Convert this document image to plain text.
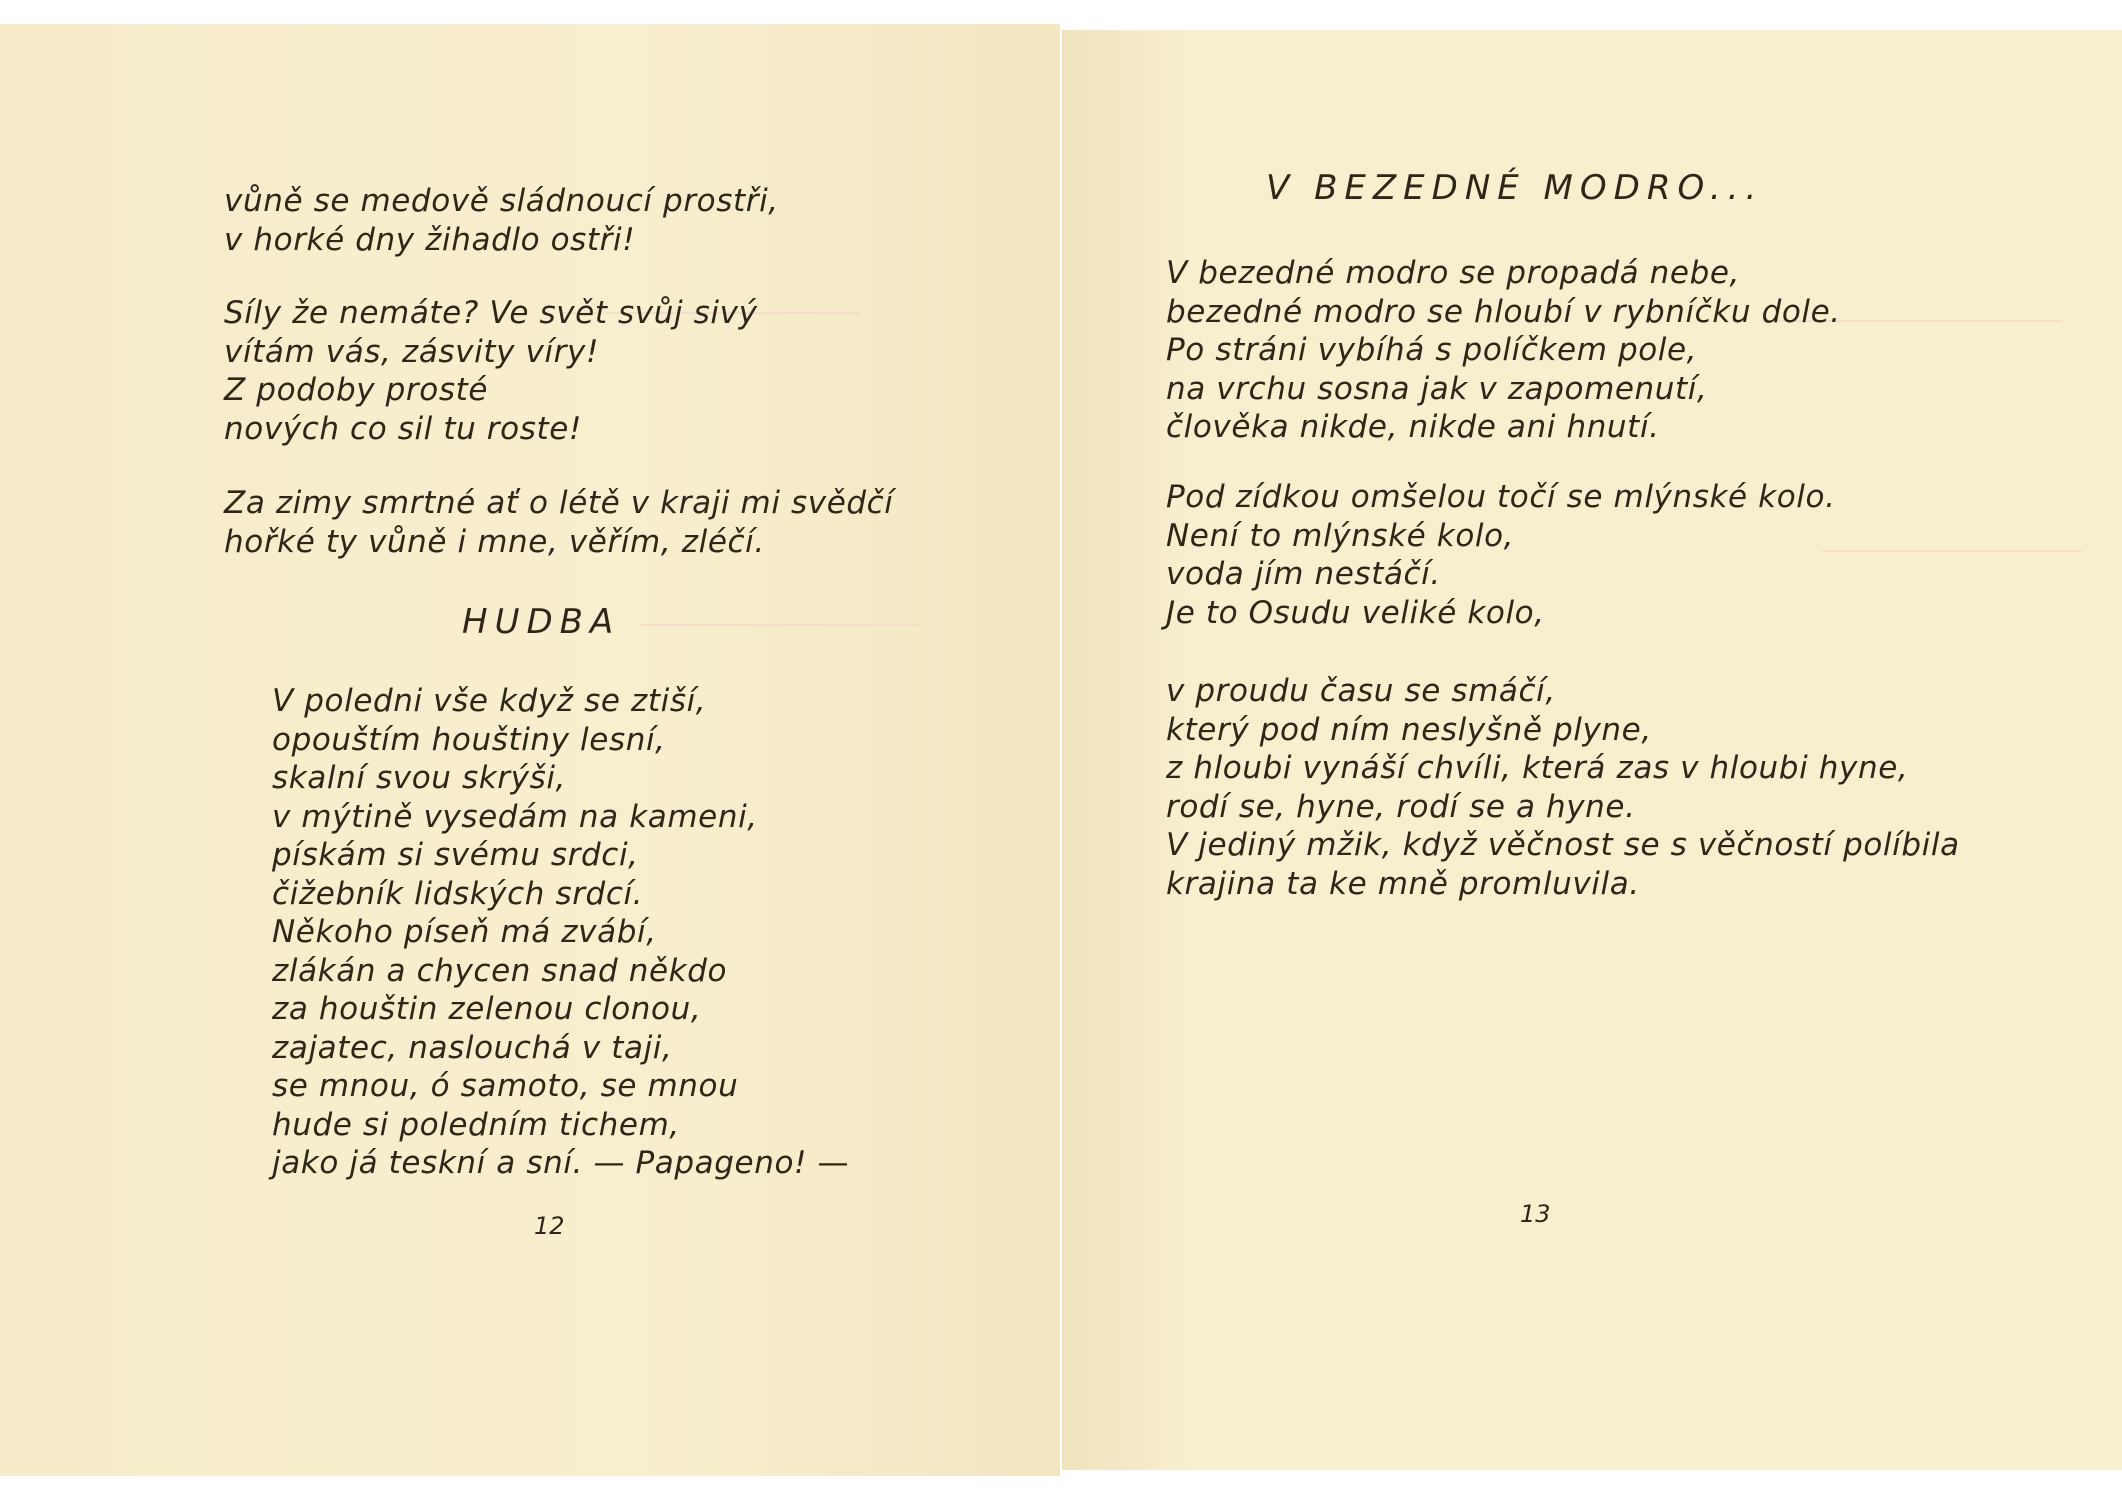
vůně se medově sládnoucí prostři,
v horké dny žihadlo ostři!
Síly že nemáte? Ve svět svůj sivý
vítám vás, zásvity víry!
Z podoby prosté
nových co sil tu roste!
Za zimy smrtné ať o létě v kraji mi svědčí
hořké ty vůně i mne, věřím, zléčí.
HUDBA
V poledni vše když se ztiší,
opouštím houštiny lesní,
skalní svou skrýši,
v mýtině vysedám na kameni,
pískám si svému srdci,
čižebník lidských srdcí.
Někoho píseň má zvábí,
zlákán a chycen snad někdo
za houštin zelenou clonou,
zajatec, naslouchá v taji,
se mnou, ó samoto, se mnou
hude si poledním tichem,
jako já teskní a sní. — Papageno! —
12
V BEZEDNÉ MODRO...
V bezedné modro se propadá nebe,
bezedné modro se hloubí v rybníčku dole.
Po stráni vybíhá s políčkem pole,
na vrchu sosna jak v zapomenutí,
člověka nikde, nikde ani hnutí.
Pod zídkou omšelou točí se mlýnské kolo.
Není to mlýnské kolo,
voda jím nestáčí.
Je to Osudu veliké kolo,
v proudu času se smáčí,
který pod ním neslyšně plyne,
z hloubi vynáší chvíli, která zas v hloubi hyne,
rodí se, hyne, rodí se a hyne.
V jediný mžik, když věčnost se s věčností políbila
krajina ta ke mně promluvila.
13
